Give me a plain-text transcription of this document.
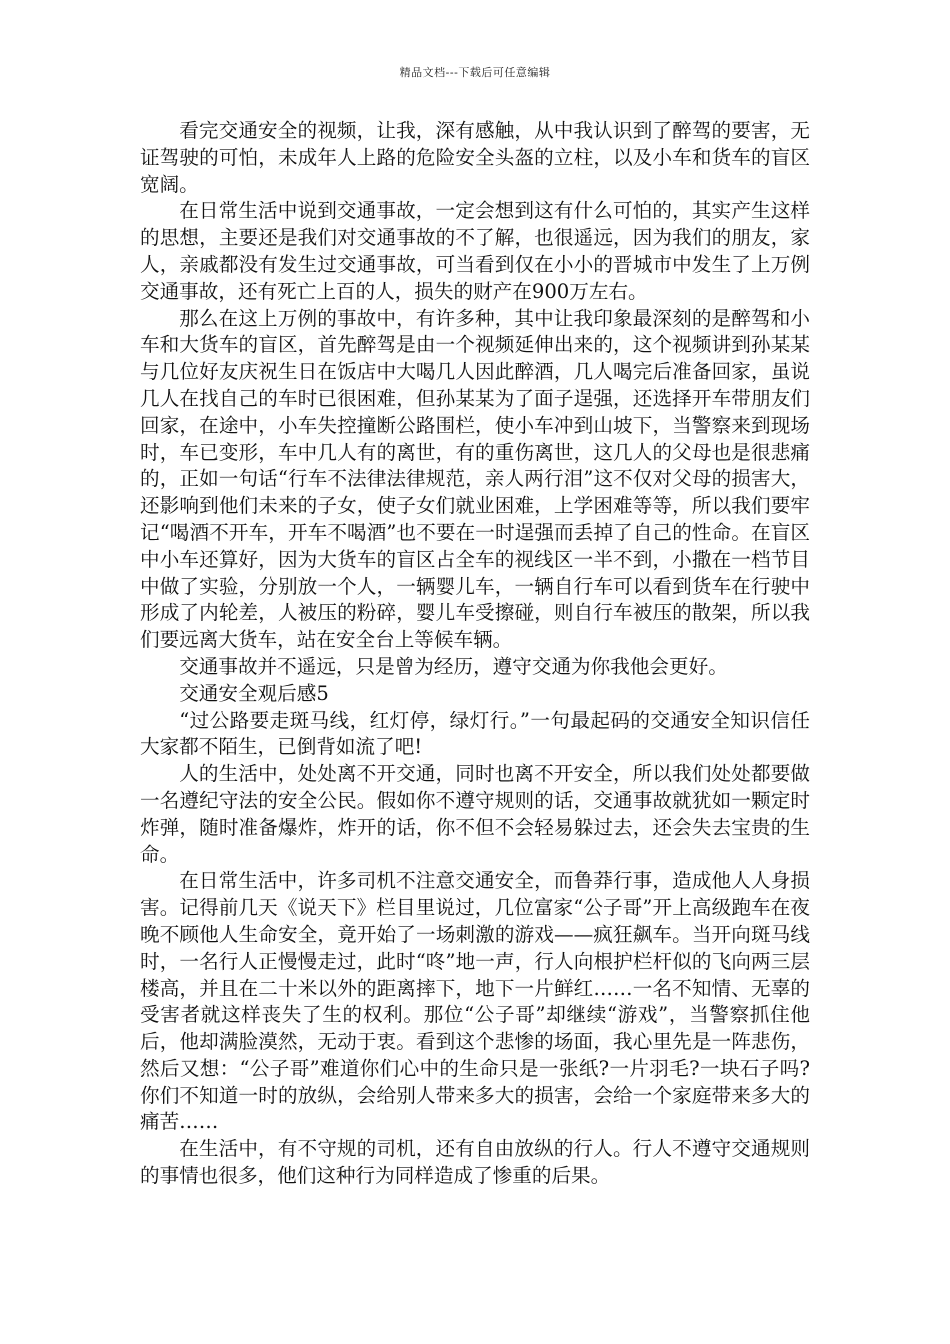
精品文档---下载后可任意编辑

看完交通安全的视频，让我，深有感触，从中我认识到了醉驾的要害，无证驾驶的可怕，未成年人上路的危险安全头盔的立柱，以及小车和货车的盲区宽阔。

在日常生活中说到交通事故，一定会想到这有什么可怕的，其实产生这样的思想，主要还是我们对交通事故的不了解，也很遥远，因为我们的朋友，家人，亲戚都没有发生过交通事故，可当看到仅在小小的晋城市中发生了上万例交通事故，还有死亡上百的人，损失的财产在900万左右。

那么在这上万例的事故中，有许多种，其中让我印象最深刻的是醉驾和小车和大货车的盲区，首先醉驾是由一个视频延伸出来的，这个视频讲到孙某某与几位好友庆祝生日在饭店中大喝几人因此醉酒，几人喝完后准备回家，虽说几人在找自己的车时已很困难，但孙某某为了面子逞强，还选择开车带朋友们回家，在途中，小车失控撞断公路围栏，使小车冲到山坡下，当警察来到现场时，车已变形，车中几人有的离世，有的重伤离世，这几人的父母也是很悲痛的，正如一句话“行车不法律法律规范，亲人两行泪”这不仅对父母的损害大，还影响到他们未来的子女，使子女们就业困难，上学困难等等，所以我们要牢记“喝酒不开车，开车不喝酒”也不要在一时逞强而丢掉了自己的性命。在盲区中小车还算好，因为大货车的盲区占全车的视线区一半不到，小撒在一档节目中做了实验，分别放一个人，一辆婴儿车，一辆自行车可以看到货车在行驶中形成了内轮差，人被压的粉碎，婴儿车受擦碰，则自行车被压的散架，所以我们要远离大货车，站在安全台上等候车辆。

交通事故并不遥远，只是曾为经历，遵守交通为你我他会更好。

交通安全观后感5

“过公路要走斑马线，红灯停，绿灯行。”一句最起码的交通安全知识信任大家都不陌生，已倒背如流了吧!

人的生活中，处处离不开交通，同时也离不开安全，所以我们处处都要做一名遵纪守法的安全公民。假如你不遵守规则的话，交通事故就犹如一颗定时炸弹，随时准备爆炸，炸开的话，你不但不会轻易躲过去，还会失去宝贵的生命。

在日常生活中，许多司机不注意交通安全，而鲁莽行事，造成他人人身损害。记得前几天《说天下》栏目里说过，几位富家“公子哥”开上高级跑车在夜晚不顾他人生命安全，竟开始了一场刺激的游戏——疯狂飙车。当开向斑马线时，一名行人正慢慢走过，此时“咚”地一声，行人向根护栏杆似的飞向两三层楼高，并且在二十米以外的距离摔下，地下一片鲜红……一名不知情、无辜的受害者就这样丧失了生的权利。那位“公子哥”却继续“游戏”，当警察抓住他后，他却满脸漠然，无动于衷。看到这个悲惨的场面，我心里先是一阵悲伤，然后又想：“公子哥”难道你们心中的生命只是一张纸?一片羽毛?一块石子吗?你们不知道一时的放纵，会给别人带来多大的损害，会给一个家庭带来多大的痛苦……

在生活中，有不守规的司机，还有自由放纵的行人。行人不遵守交通规则的事情也很多，他们这种行为同样造成了惨重的后果。
